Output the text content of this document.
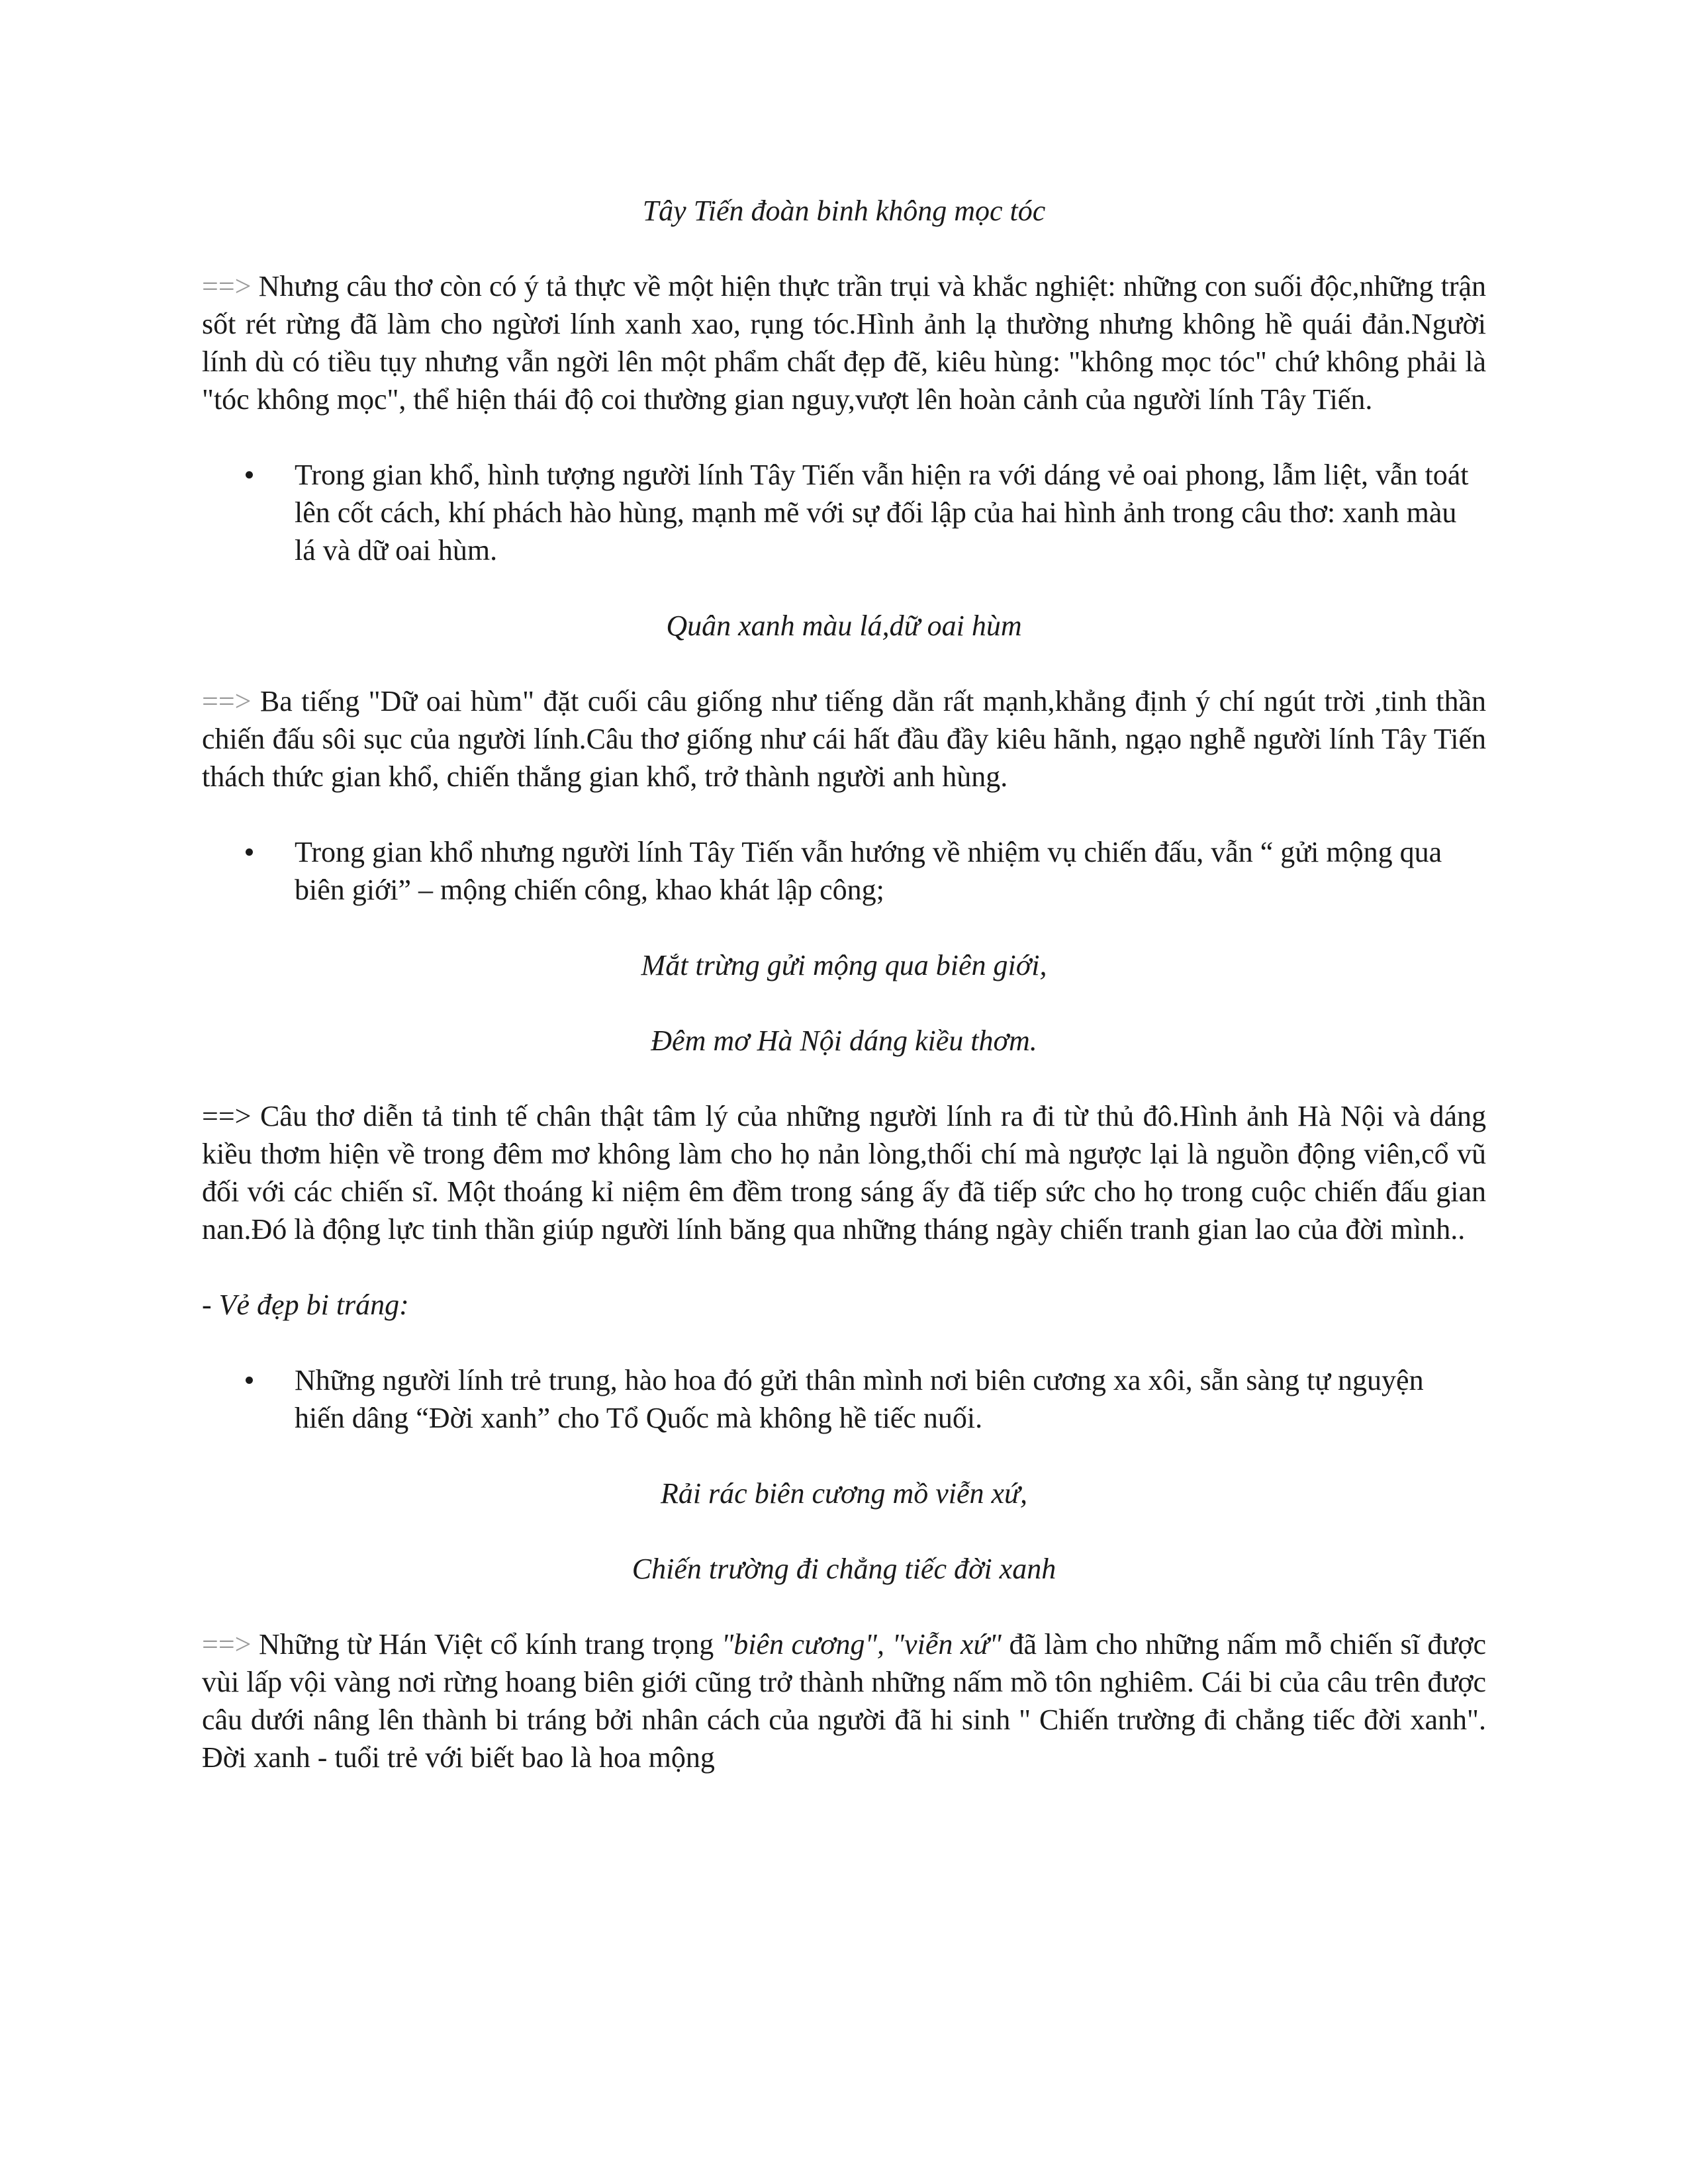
Tây Tiến đoàn binh không mọc tóc

==> Nhưng câu thơ còn có ý tả thực về một hiện thực trần trụi và khắc nghiệt: những con suối độc,những trận sốt rét rừng đã làm cho ngừơi lính xanh xao, rụng tóc.Hình ảnh lạ thường nhưng không hề quái đản.Người lính dù có tiều tụy nhưng vẫn ngời lên một phẩm chất đẹp đẽ, kiêu hùng: "không mọc tóc" chứ không phải là "tóc không mọc", thể hiện thái độ coi thường gian nguy,vượt lên hoàn cảnh của người lính Tây Tiến.

Trong gian khổ, hình tượng người lính Tây Tiến vẫn hiện ra với dáng vẻ oai phong, lẫm liệt, vẫn toát lên cốt cách, khí phách hào hùng, mạnh mẽ với sự đối lập của hai hình ảnh trong câu thơ: xanh màu lá và dữ oai hùm.

Quân xanh màu lá,dữ oai hùm

==> Ba tiếng "Dữ oai hùm" đặt cuối câu giống như tiếng dằn rất mạnh,khẳng định ý chí ngút trời ,tinh thần chiến đấu sôi sục của người lính.Câu thơ giống như cái hất đầu đầy kiêu hãnh, ngạo nghễ người lính Tây Tiến thách thức gian khổ, chiến thắng gian khổ, trở thành người anh hùng.

Trong gian khổ nhưng người lính Tây Tiến vẫn hướng về nhiệm vụ chiến đấu, vẫn “ gửi mộng qua biên giới” – mộng chiến công, khao khát lập công;

Mắt trừng gửi mộng qua biên giới,

Đêm mơ Hà Nội dáng kiều thơm.

==> Câu thơ diễn tả tinh tế chân thật tâm lý của những người lính ra đi từ thủ đô.Hình ảnh Hà Nội và dáng kiều thơm hiện về trong đêm mơ không làm cho họ nản lòng,thối chí mà ngược lại là nguồn động viên,cổ vũ đối với các chiến sĩ. Một thoáng kỉ niệm êm đềm trong sáng ấy đã tiếp sức cho họ trong cuộc chiến đấu gian nan.Đó là động lực tinh thần giúp người lính băng qua những tháng ngày chiến tranh gian lao của đời mình..

- Vẻ đẹp bi tráng:

Những người lính trẻ trung, hào hoa đó gửi thân mình nơi biên cương xa xôi, sẵn sàng tự nguyện hiến dâng “Đời xanh” cho Tổ Quốc mà không hề tiếc nuối.

Rải rác biên cương mồ viễn xứ,

Chiến trường đi chẳng tiếc đời xanh

==> Những từ Hán Việt cổ kính trang trọng "biên cương", "viễn xứ" đã làm cho những nấm mỗ chiến sĩ được vùi lấp vội vàng nơi rừng hoang biên giới cũng trở thành những nấm mồ tôn nghiêm. Cái bi của câu trên được câu dưới nâng lên thành bi tráng bởi nhân cách của người đã hi sinh " Chiến trường đi chẳng tiếc đời xanh". Đời xanh - tuổi trẻ với biết bao là hoa mộng
